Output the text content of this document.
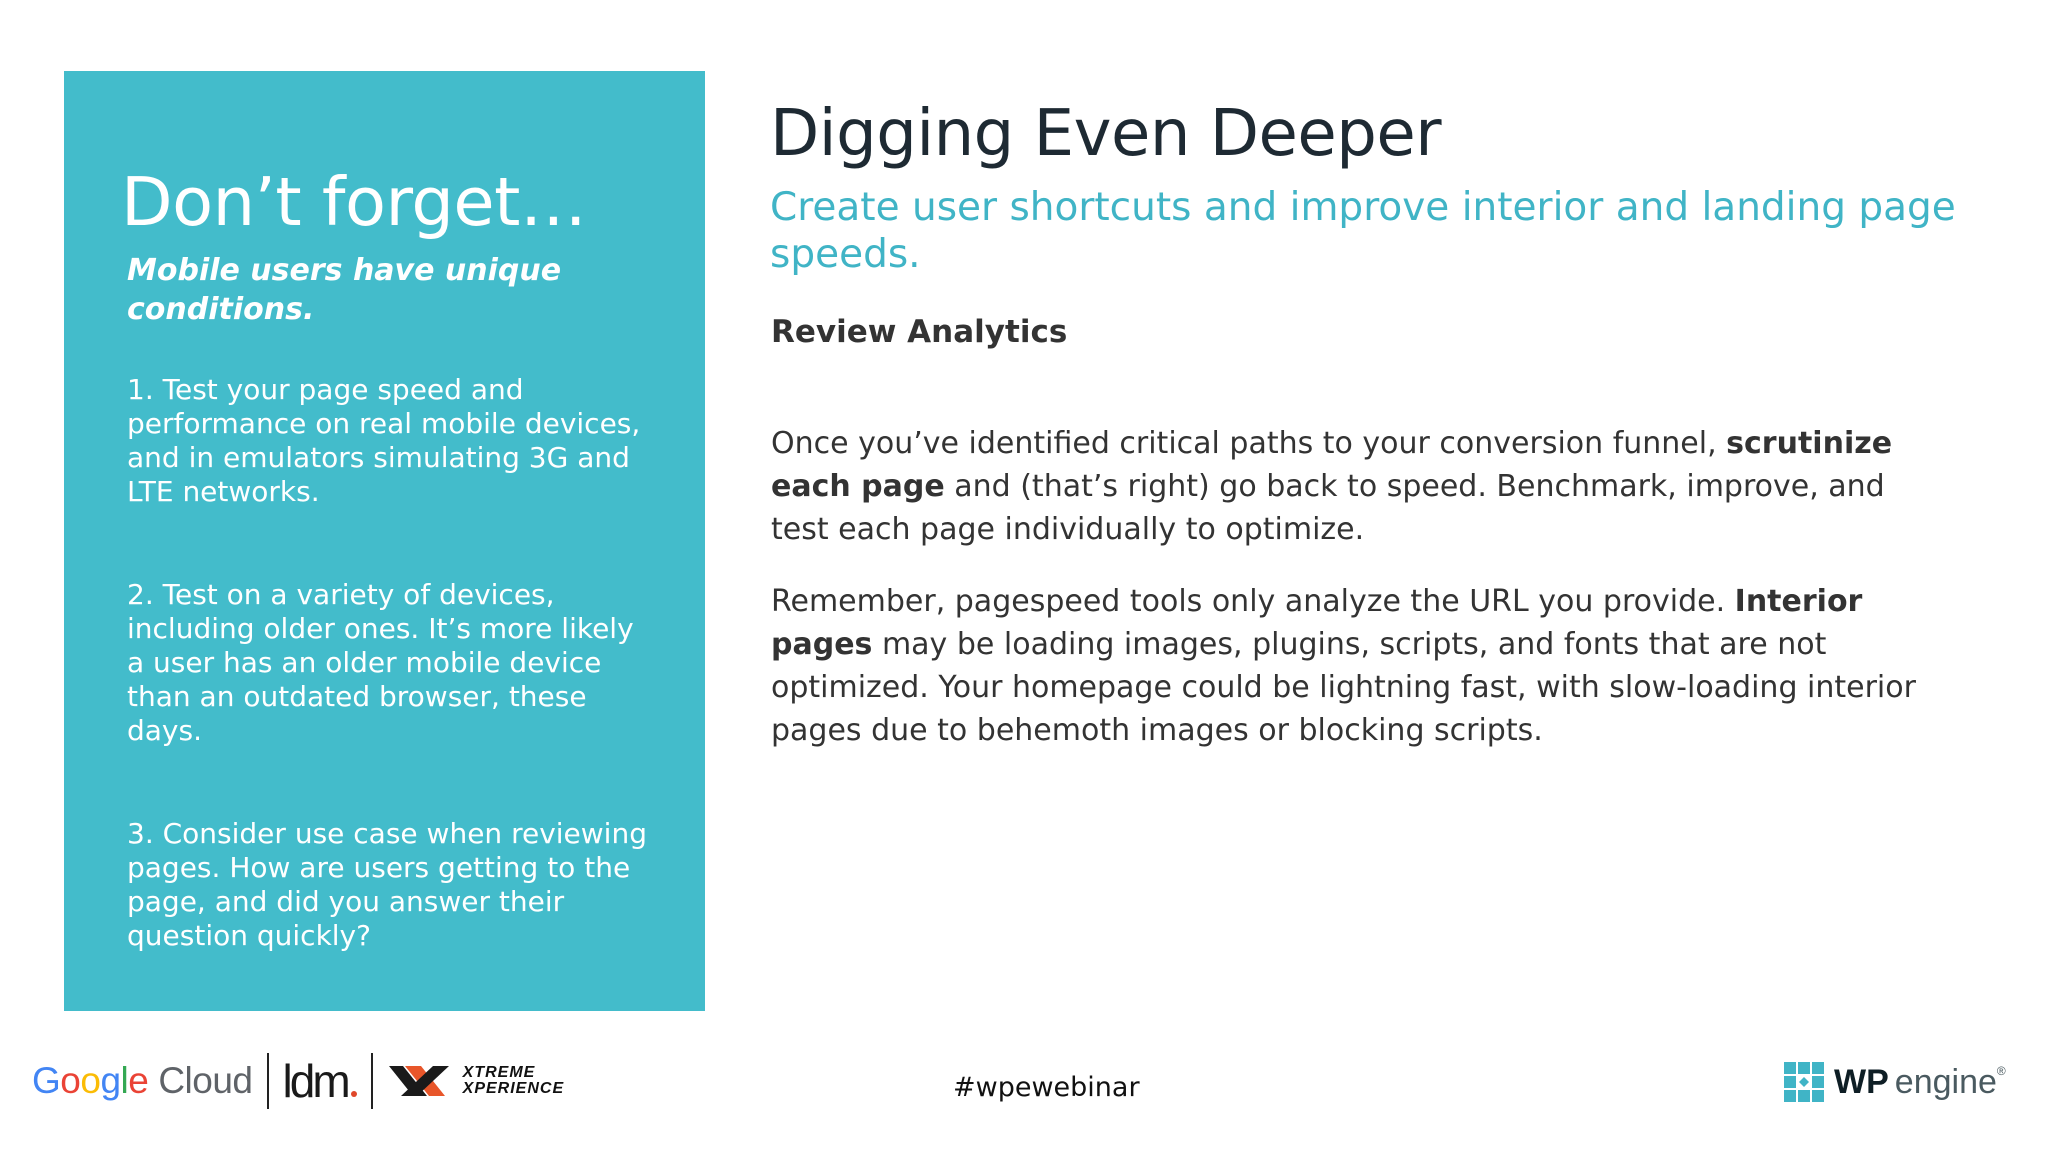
Don’t forget…

Mobile users have unique conditions.

1. Test your page speed and performance on real mobile devices, and in emulators simulating 3G and LTE networks.

2. Test on a variety of devices, including older ones. It’s more likely a user has an older mobile device than an outdated browser, these days.

3. Consider use case when reviewing pages. How are users getting to the page, and did you answer their question quickly?

Digging Even Deeper

Create user shortcuts and improve interior and landing page speeds.

Review Analytics

Once you’ve identified critical paths to your conversion funnel, scrutinize each page and (that’s right) go back to speed. Benchmark, improve, and test each page individually to optimize.

Remember, pagespeed tools only analyze the URL you provide. Interior pages may be loading images, plugins, scripts, and fonts that are not optimized. Your homepage could be lightning fast, with slow-loading interior pages due to behemoth images or blocking scripts.

G o o g l e Cloud ldm	XTREME
XPERIENCE	#wpewebinar	WP engine®
